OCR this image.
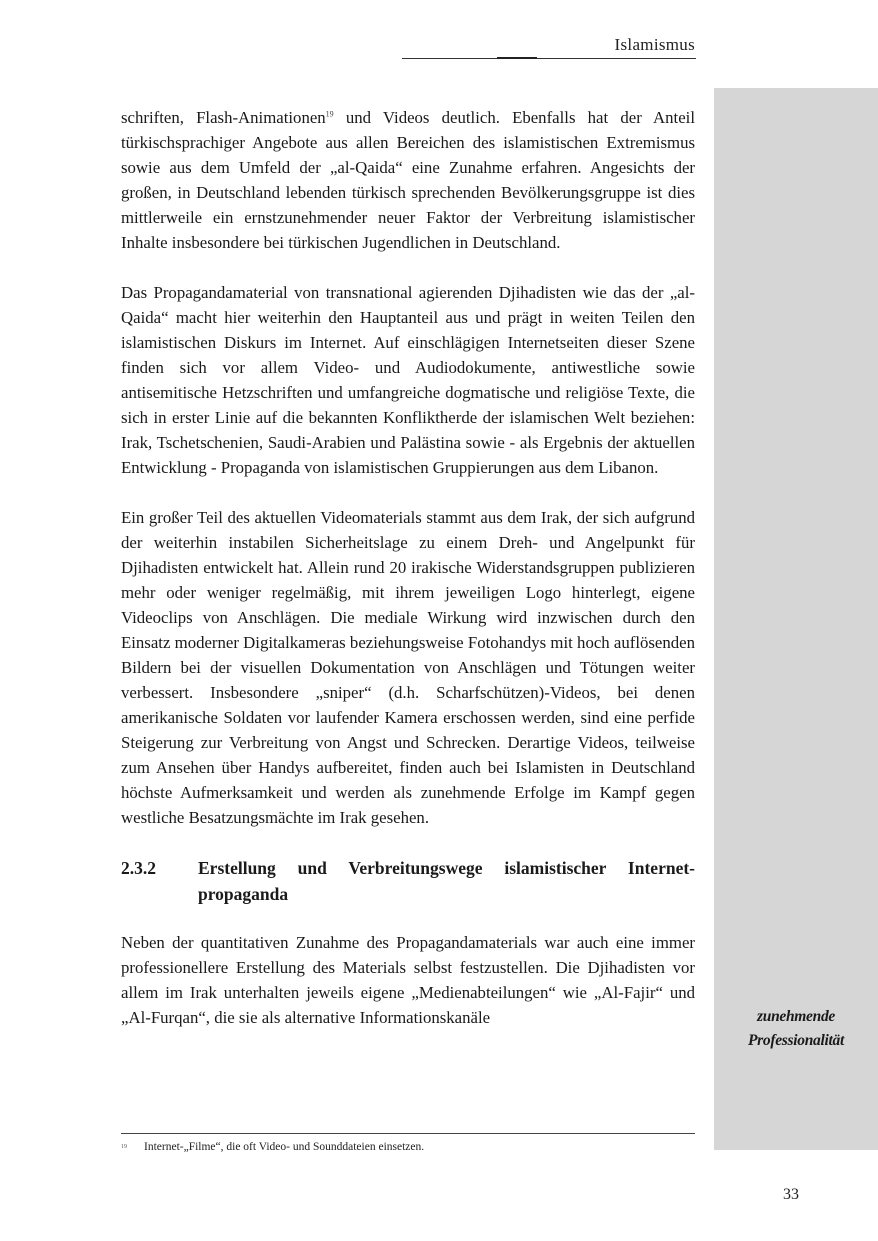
Islamismus
zunehmende
Professionalität

schriften, Flash-Animationen$^{19}$ und Videos deutlich. Ebenfalls hat der Anteil türkischsprachiger Angebote aus allen Bereichen des islamistischen Extremismus sowie aus dem Umfeld der „al-Qaida“ eine Zunahme erfahren. Angesichts der großen, in Deutschland lebenden türkisch sprechenden Bevölkerungsgruppe ist dies mittlerweile ein ernstzunehmender neuer Faktor der Verbreitung islamistischer Inhalte insbesondere bei türkischen Jugendlichen in Deutschland.

Das Propagandamaterial von transnational agierenden Djihadisten wie das der „al-Qaida“ macht hier weiterhin den Hauptanteil aus und prägt in weiten Teilen den islamistischen Diskurs im Internet. Auf einschlägigen Internetseiten dieser Szene finden sich vor allem Video- und Audiodokumente, antiwestliche sowie antisemitische Hetzschriften und umfangreiche dogmatische und religiöse Texte, die sich in erster Linie auf die bekannten Konfliktherde der islamischen Welt beziehen: Irak, Tschetschenien, Saudi-Arabien und Palästina sowie - als Ergebnis der aktuellen Entwicklung - Propaganda von islamistischen Gruppierungen aus dem Libanon.

Ein großer Teil des aktuellen Videomaterials stammt aus dem Irak, der sich aufgrund der weiterhin instabilen Sicherheitslage zu einem Dreh- und Angelpunkt für Djihadisten entwickelt hat. Allein rund 20 irakische Widerstandsgruppen publizieren mehr oder weniger regelmäßig, mit ihrem jeweiligen Logo hinterlegt, eigene Videoclips von Anschlägen. Die mediale Wirkung wird inzwischen durch den Einsatz moderner Digitalkameras beziehungsweise Fotohandys mit hoch auflösenden Bildern bei der visuellen Dokumentation von Anschlägen und Tötungen weiter verbessert. Insbesondere „sniper“ (d.h. Scharfschützen)-Videos, bei denen amerikanische Soldaten vor laufender Kamera erschossen werden, sind eine perfide Steigerung zur Verbreitung von Angst und Schrecken. Derartige Videos, teilweise zum Ansehen über Handys aufbereitet, finden auch bei Islamisten in Deutschland höchste Aufmerksamkeit und werden als zunehmende Erfolge im Kampf gegen westliche Besatzungsmächte im Irak gesehen.

2.3.2	Erstellung und Verbreitungswege islamistischer Internetpropaganda

Neben der quantitativen Zunahme des Propagandamaterials war auch eine immer professionellere Erstellung des Materials selbst festzustellen. Die Djihadisten vor allem im Irak unterhalten jeweils eigene „Medienabteilungen“ wie „Al-Fajir“ und „Al-Furqan“, die sie als alternative Informationskanäle

19 Internet-„Filme“, die oft Video- und Sounddateien einsetzen.
33
